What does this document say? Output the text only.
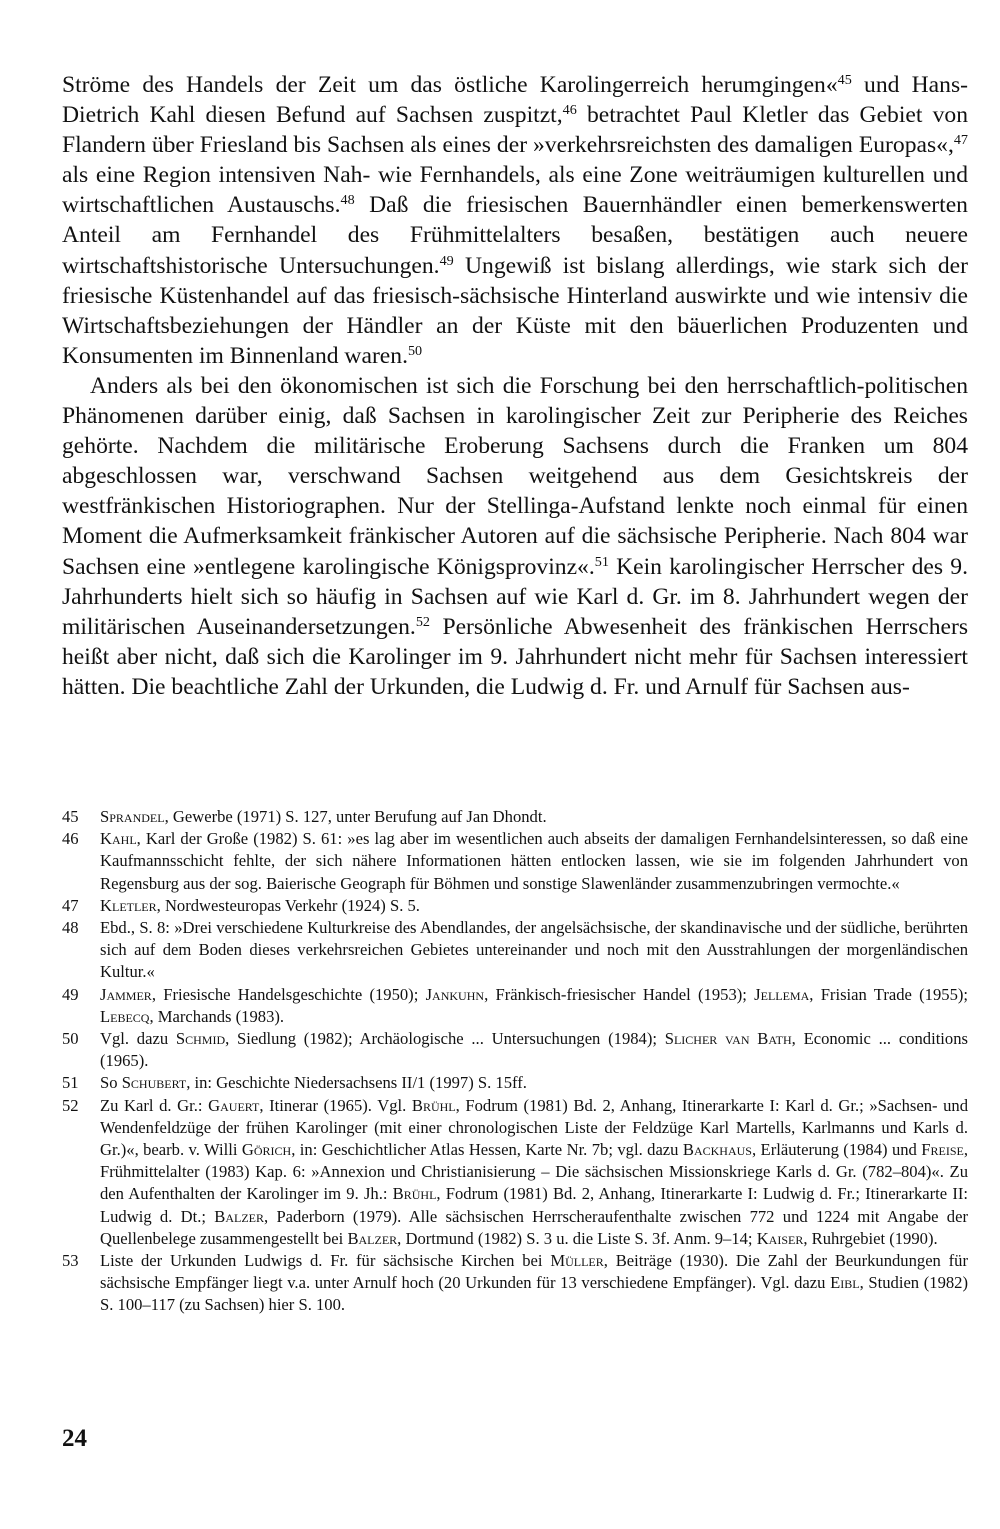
Ströme des Handels der Zeit um das östliche Karolingerreich herumgingen«$^{45}$ und Hans-Dietrich Kahl diesen Befund auf Sachsen zuspitzt,$^{46}$ betrachtet Paul Kletler das Gebiet von Flandern über Friesland bis Sachsen als eines der »verkehrsreichsten des damaligen Europas«,$^{47}$ als eine Region intensiven Nah- wie Fernhandels, als eine Zone weiträumigen kulturellen und wirtschaftlichen Austauschs.$^{48}$ Daß die friesischen Bauernhändler einen bemerkenswerten Anteil am Fernhandel des Frühmittelalters besaßen, bestätigen auch neuere wirtschaftshistorische Untersuchungen.$^{49}$ Ungewiß ist bislang allerdings, wie stark sich der friesische Küstenhandel auf das friesisch-sächsische Hinterland auswirkte und wie intensiv die Wirtschaftsbeziehungen der Händler an der Küste mit den bäuerlichen Produzenten und Konsumenten im Binnenland waren.$^{50}$

Anders als bei den ökonomischen ist sich die Forschung bei den herrschaftlich-politischen Phänomenen darüber einig, daß Sachsen in karolingischer Zeit zur Peripherie des Reiches gehörte. Nachdem die militärische Eroberung Sachsens durch die Franken um 804 abgeschlossen war, verschwand Sachsen weitgehend aus dem Gesichtskreis der westfränkischen Historiographen. Nur der Stellinga-Aufstand lenkte noch einmal für einen Moment die Aufmerksamkeit fränkischer Autoren auf die sächsische Peripherie. Nach 804 war Sachsen eine »entlegene karolingische Königsprovinz«.$^{51}$ Kein karolingischer Herrscher des 9. Jahrhunderts hielt sich so häufig in Sachsen auf wie Karl d. Gr. im 8. Jahrhundert wegen der militärischen Auseinandersetzungen.$^{52}$ Persönliche Abwesenheit des fränkischen Herrschers heißt aber nicht, daß sich die Karolinger im 9. Jahrhundert nicht mehr für Sachsen interessiert hätten. Die beachtliche Zahl der Urkunden, die Ludwig d. Fr. und Arnulf für Sachsen aus-

45	Sprandel, Gewerbe (1971) S. 127, unter Berufung auf Jan Dhondt.
46	Kahl, Karl der Große (1982) S. 61: »es lag aber im wesentlichen auch abseits der damaligen Fernhandelsinteressen, so daß eine Kaufmannsschicht fehlte, der sich nähere Informationen hätten entlocken lassen, wie sie im folgenden Jahrhundert von Regensburg aus der sog. Baierische Geograph für Böhmen und sonstige Slawenländer zusammenzubringen vermochte.«
47	Kletler, Nordwesteuropas Verkehr (1924) S. 5.
48	Ebd., S. 8: »Drei verschiedene Kulturkreise des Abendlandes, der angelsächsische, der skandinavische und der südliche, berührten sich auf dem Boden dieses verkehrsreichen Gebietes untereinander und noch mit den Ausstrahlungen der morgenländischen Kultur.«
49	Jammer, Friesische Handelsgeschichte (1950); Jankuhn, Fränkisch-friesischer Handel (1953); Jellema, Frisian Trade (1955); Lebecq, Marchands (1983).
50	Vgl. dazu Schmid, Siedlung (1982); Archäologische ... Untersuchungen (1984); Slicher van Bath, Economic ... conditions (1965).
51	So Schubert, in: Geschichte Niedersachsens II/1 (1997) S. 15ff.
52	Zu Karl d. Gr.: Gauert, Itinerar (1965). Vgl. Brühl, Fodrum (1981) Bd. 2, Anhang, Itinerarkarte I: Karl d. Gr.; »Sachsen- und Wendenfeldzüge der frühen Karolinger (mit einer chronologischen Liste der Feldzüge Karl Martells, Karlmanns und Karls d. Gr.)«, bearb. v. Willi Görich, in: Geschichtlicher Atlas Hessen, Karte Nr. 7b; vgl. dazu Backhaus, Erläuterung (1984) und Freise, Frühmittelalter (1983) Kap. 6: »Annexion und Christianisierung – Die sächsischen Missionskriege Karls d. Gr. (782–804)«. Zu den Aufenthalten der Karolinger im 9. Jh.: Brühl, Fodrum (1981) Bd. 2, Anhang, Itinerarkarte I: Ludwig d. Fr.; Itinerarkarte II: Ludwig d. Dt.; Balzer, Paderborn (1979). Alle sächsischen Herrscheraufenthalte zwischen 772 und 1224 mit Angabe der Quellenbelege zusammengestellt bei Balzer, Dortmund (1982) S. 3 u. die Liste S. 3f. Anm. 9–14; Kaiser, Ruhrgebiet (1990).
53	Liste der Urkunden Ludwigs d. Fr. für sächsische Kirchen bei Müller, Beiträge (1930). Die Zahl der Beurkundungen für sächsische Empfänger liegt v.a. unter Arnulf hoch (20 Urkunden für 13 verschiedene Empfänger). Vgl. dazu Eibl, Studien (1982) S. 100–117 (zu Sachsen) hier S. 100.
24
